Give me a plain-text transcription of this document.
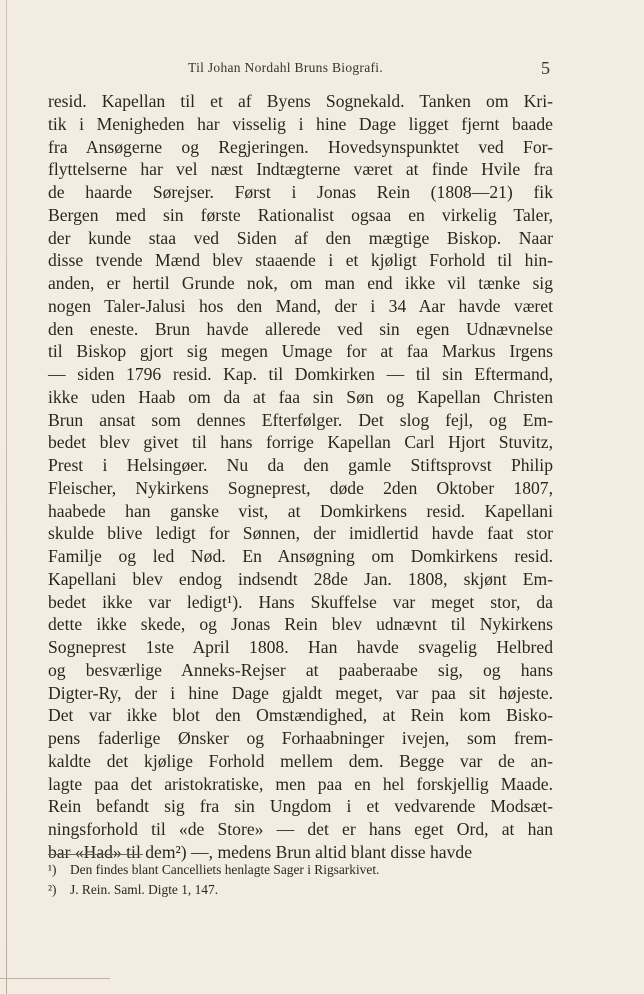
Til Johan Nordahl Bruns Biografi.	5
resid. Kapellan til et af Byens Sognekald. Tanken om Kri-
tik i Menigheden har visselig i hine Dage ligget fjernt baade
fra Ansøgerne og Regjeringen. Hovedsynspunktet ved For-
flyttelserne har vel næst Indtægterne været at finde Hvile fra
de haarde Sørejser. Først i Jonas Rein (1808—21) fik
Bergen med sin første Rationalist ogsaa en virkelig Taler,
der kunde staa ved Siden af den mægtige Biskop. Naar
disse tvende Mænd blev staaende i et kjøligt Forhold til hin-
anden, er hertil Grunde nok, om man end ikke vil tænke sig
nogen Taler-Jalusi hos den Mand, der i 34 Aar havde været
den eneste. Brun havde allerede ved sin egen Udnævnelse
til Biskop gjort sig megen Umage for at faa Markus Irgens
— siden 1796 resid. Kap. til Domkirken — til sin Eftermand,
ikke uden Haab om da at faa sin Søn og Kapellan Christen
Brun ansat som dennes Efterfølger. Det slog fejl, og Em-
bedet blev givet til hans forrige Kapellan Carl Hjort Stuvitz,
Prest i Helsingøer. Nu da den gamle Stiftsprovst Philip
Fleischer, Nykirkens Sogneprest, døde 2den Oktober 1807,
haabede han ganske vist, at Domkirkens resid. Kapellani
skulde blive ledigt for Sønnen, der imidlertid havde faat stor
Familje og led Nød. En Ansøgning om Domkirkens resid.
Kapellani blev endog indsendt 28de Jan. 1808, skjønt Em-
bedet ikke var ledigt¹). Hans Skuffelse var meget stor, da
dette ikke skede, og Jonas Rein blev udnævnt til Nykirkens
Sogneprest 1ste April 1808. Han havde svagelig Helbred
og besværlige Anneks-Rejser at paaberaabe sig, og hans
Digter-Ry, der i hine Dage gjaldt meget, var paa sit højeste.
Det var ikke blot den Omstændighed, at Rein kom Bisko-
pens faderlige Ønsker og Forhaabninger ivejen, som frem-
kaldte det kjølige Forhold mellem dem. Begge var de an-
lagte paa det aristokratiske, men paa en hel forskjellig Maade.
Rein befandt sig fra sin Ungdom i et vedvarende Modsæt-
ningsforhold til «de Store» — det er hans eget Ord, at han
bar «Had» til dem²) —, medens Brun altid blant disse havde
¹) Den findes blant Cancelliets henlagte Sager i Rigsarkivet.
²) J. Rein. Saml. Digte 1, 147.
